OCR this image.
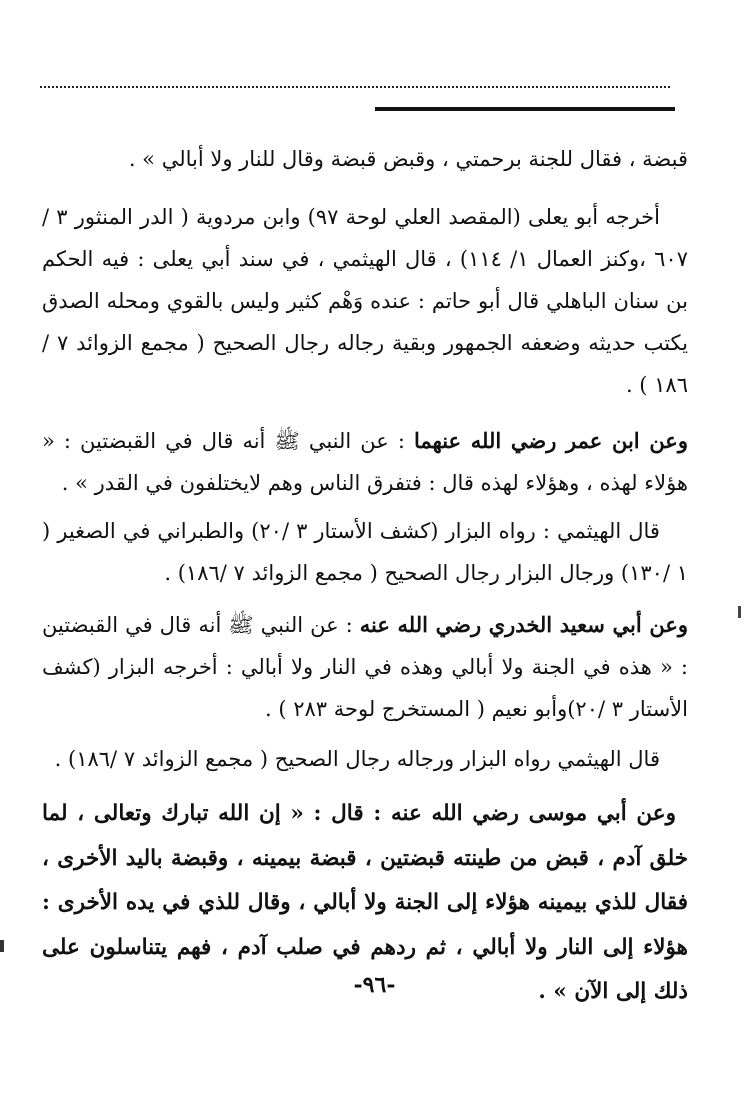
قبضة ، فقال للجنة برحمتي ، وقبض قبضة وقال للنار ولا أبالي » .

أخرجه أبو يعلى (المقصد العلي لوحة ٩٧) وابن مردوية ( الدر المنثور ٣ /٦٠٧ ،وكنز العمال ١/ ١١٤) ، قال الهيثمي ، في سند أبي يعلى : فيه الحكم بن سنان الباهلي قال أبو حاتم : عنده وَهْم كثير وليس بالقوي ومحله الصدق يكتب حديثه وضعفه الجمهور وبقية رجاله رجال الصحيح ( مجمع الزوائد ٧ /١٨٦ ) .

وعن ابن عمر رضي الله عنهما : عن النبي ﷺ أنه قال في القبضتين : « هؤلاء لهذه ، وهؤلاء لهذه قال : فتفرق الناس وهم لايختلفون في القدر » .

قال الهيثمي : رواه البزار (كشف الأستار ٣ /٢٠) والطبراني في الصغير ( ١ /١٣٠) ورجال البزار رجال الصحيح ( مجمع الزوائد ٧ /١٨٦) .

وعن أبي سعيد الخدري رضي الله عنه : عن النبي ﷺ أنه قال في القبضتين : « هذه في الجنة ولا أبالي وهذه في النار ولا أبالي : أخرجه البزار (كشف الأستار ٣ /٢٠)وأبو نعيم ( المستخرج لوحة ٢٨٣ ) .

قال الهيثمي رواه البزار ورجاله رجال الصحيح ( مجمع الزوائد ٧ /١٨٦) .

وعن أبي موسى رضي الله عنه : قال : « إن الله تبارك وتعالى ، لما خلق آدم ، قبض من طينته قبضتين ، قبضة بيمينه ، وقبضة باليد الأخرى ، فقال للذي بيمينه هؤلاء إلى الجنة ولا أبالي ، وقال للذي في يده الأخرى : هؤلاء إلى النار ولا أبالي ، ثم ردهم في صلب آدم ، فهم يتناسلون على ذلك إلى الآن » .

-٩٦-
